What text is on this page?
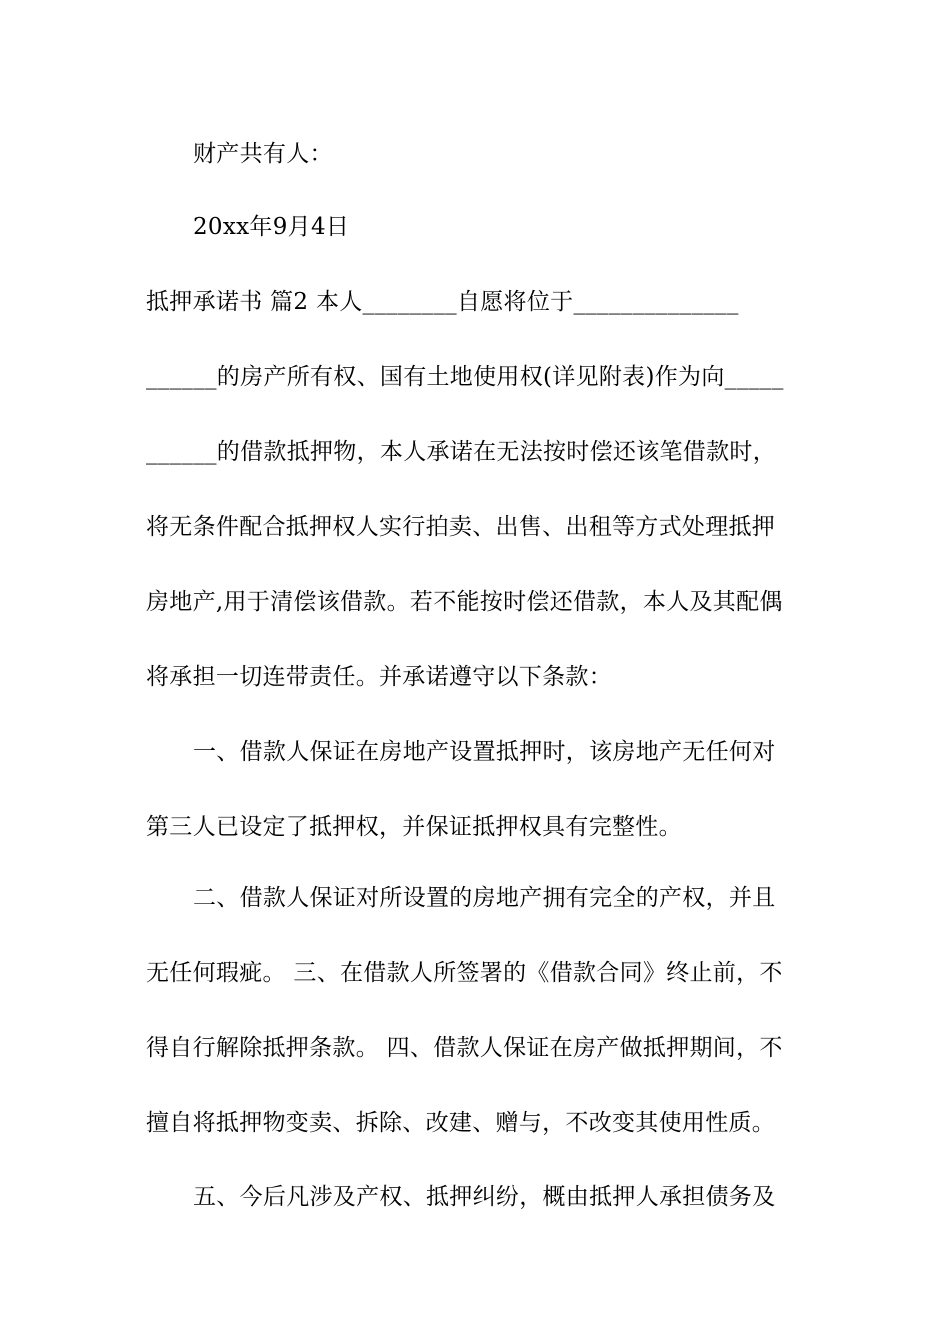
财产共有人：
20xx年9月4日
抵押承诺书 篇2 本人________自愿将位于______________
______的房产所有权、国有土地使用权(详见附表)作为向_____
______的借款抵押物，本人承诺在无法按时偿还该笔借款时，
将无条件配合抵押权人实行拍卖、出售、出租等方式处理抵押
房地产,用于清偿该借款。若不能按时偿还借款，本人及其配偶
将承担一切连带责任。并承诺遵守以下条款：
一、借款人保证在房地产设置抵押时，该房地产无任何对
第三人已设定了抵押权，并保证抵押权具有完整性。
二、借款人保证对所设置的房地产拥有完全的产权，并且
无任何瑕疵。 三、在借款人所签署的《借款合同》终止前，不
得自行解除抵押条款。 四、借款人保证在房产做抵押期间，不
擅自将抵押物变卖、拆除、改建、赠与，不改变其使用性质。
五、今后凡涉及产权、抵押纠纷，概由抵押人承担债务及
